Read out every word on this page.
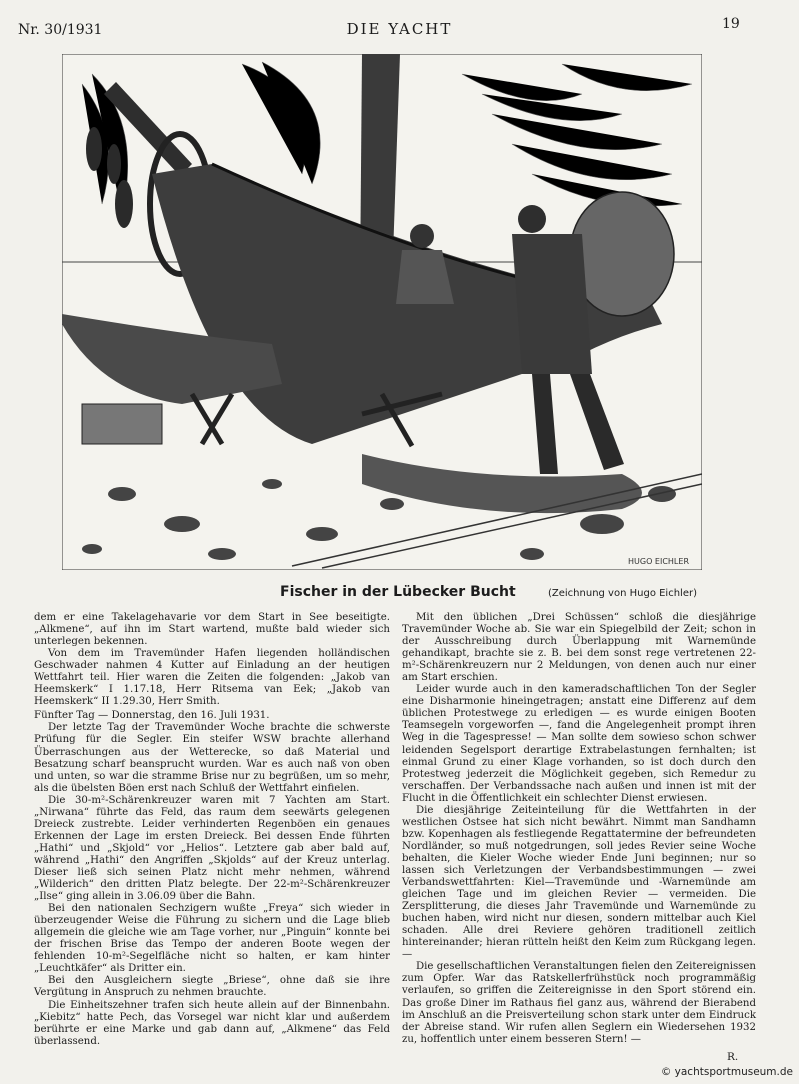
Nr. 30/1931	DIE YACHT	19
HUGO EICHLER
Fischer in der Lübecker Bucht	(Zeichnung von Hugo Eichler)

dem er eine Takelagehavarie vor dem Start in See beseitigte. „Alkmene“, auf ihn im Start wartend, mußte bald wieder sich unterlegen bekennen.

Von dem im Travemünder Hafen liegenden holländischen Geschwader nahmen 4 Kutter auf Einladung an der heutigen Wettfahrt teil. Hier waren die Zeiten die folgenden: „Jakob van Heemskerk“ I 1.17.18, Herr Ritsema van Eek; „Jakob van Heemskerk“ II 1.29.30, Herr Smith.

Fünfter Tag — Donnerstag, den 16. Juli 1931.

Der letzte Tag der Travemünder Woche brachte die schwerste Prüfung für die Segler. Ein steifer WSW brachte allerhand Überraschungen aus der Wetterecke, so daß Material und Besatzung scharf beansprucht wurden. War es auch naß von oben und unten, so war die stramme Brise nur zu begrüßen, um so mehr, als die übelsten Böen erst nach Schluß der Wettfahrt einfielen.

Die 30-m²-Schärenkreuzer waren mit 7 Yachten am Start. „Nirwana“ führte das Feld, das raum dem seewärts gelegenen Dreieck zustrebte. Leider verhinderten Regenböen ein genaues Erkennen der Lage im ersten Dreieck. Bei dessen Ende führten „Hathi“ und „Skjold“ vor „Helios“. Letztere gab aber bald auf, während „Hathi“ den Angriffen „Skjolds“ auf der Kreuz unterlag. Dieser ließ sich seinen Platz nicht mehr nehmen, während „Wilderich“ den dritten Platz belegte. Der 22-m²-Schärenkreuzer „Ilse“ ging allein in 3.06.09 über die Bahn.

Bei den nationalen Sechzigern wußte „Freya“ sich wieder in überzeugender Weise die Führung zu sichern und die Lage blieb allgemein die gleiche wie am Tage vorher, nur „Pinguin“ konnte bei der frischen Brise das Tempo der anderen Boote wegen der fehlenden 10-m²-Segelfläche nicht so halten, er kam hinter „Leuchtkäfer“ als Dritter ein.

Bei den Ausgleichern siegte „Briese“, ohne daß sie ihre Vergütung in Anspruch zu nehmen brauchte.

Die Einheitszehner trafen sich heute allein auf der Binnenbahn. „Kiebitz“ hatte Pech, das Vorsegel war nicht klar und außerdem berührte er eine Marke und gab dann auf, „Alkmene“ das Feld überlassend.

Mit den üblichen „Drei Schüssen“ schloß die diesjährige Travemünder Woche ab. Sie war ein Spiegelbild der Zeit; schon in der Ausschreibung durch Überlappung mit Warnemünde gehandikapt, brachte sie z. B. bei dem sonst rege vertretenen 22-m²-Schärenkreuzern nur 2 Meldungen, von denen auch nur einer am Start erschien.

Leider wurde auch in den kameradschaftlichen Ton der Segler eine Disharmonie hineingetragen; anstatt eine Differenz auf dem üblichen Protestwege zu erledigen — es wurde einigen Booten Teamsegeln vorgeworfen —, fand die Angelegenheit prompt ihren Weg in die Tagespresse! — Man sollte dem sowieso schon schwer leidenden Segelsport derartige Extrabelastungen fernhalten; ist einmal Grund zu einer Klage vorhanden, so ist doch durch den Protestweg jederzeit die Möglichkeit gegeben, sich Remedur zu verschaffen. Der Verbandssache nach außen und innen ist mit der Flucht in die Öffentlichkeit ein schlechter Dienst erwiesen.

Die diesjährige Zeiteinteilung für die Wettfahrten in der westlichen Ostsee hat sich nicht bewährt. Nimmt man Sandhamn bzw. Kopenhagen als festliegende Regattatermine der befreundeten Nordländer, so muß notgedrungen, soll jedes Revier seine Woche behalten, die Kieler Woche wieder Ende Juni beginnen; nur so lassen sich Verletzungen der Verbandsbestimmungen — zwei Verbandswettfahrten: Kiel—Travemünde und -Warnemünde am gleichen Tage und im gleichen Revier — vermeiden. Die Zersplitterung, die dieses Jahr Travemünde und Warnemünde zu buchen haben, wird nicht nur diesen, sondern mittelbar auch Kiel schaden. Alle drei Reviere gehören traditionell zeitlich hintereinander; hieran rütteln heißt den Keim zum Rückgang legen. —

Die gesellschaftlichen Veranstaltungen fielen den Zeitereignissen zum Opfer. War das Ratskellerfrühstück noch programmäßig verlaufen, so griffen die Zeitereignisse in den Sport störend ein. Das große Diner im Rathaus fiel ganz aus, während der Bierabend im Anschluß an die Preisverteilung schon stark unter dem Eindruck der Abreise stand. Wir rufen allen Seglern ein Wiedersehen 1932 zu, hoffentlich unter einem besseren Stern! —

R.
© yachtsportmuseum.de
